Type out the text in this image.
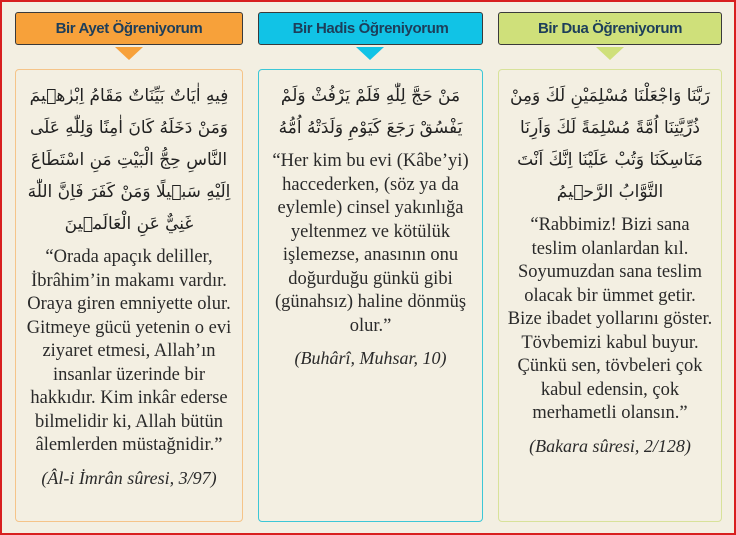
Bir Ayet Öğreniyorum
فِيهِ اٰيَاتٌ بَيِّنَاتٌ مَقَامُ اِبْرٰهٖيمَ وَمَنْ دَخَلَهُ كَانَ اٰمِنًا وَلِلّٰهِ عَلَى النَّاسِ حِجُّ الْبَيْتِ مَنِ اسْتَطَاعَ اِلَيْهِ سَبٖيلًا وَمَنْ كَفَرَ فَاِنَّ اللّٰهَ غَنِيٌّ عَنِ الْعَالَمٖينَ
“Orada apaçık deliller, İbrâhim’in makamı vardır. Oraya giren emniyette olur. Gitmeye gücü yetenin o evi ziyaret etmesi, Allah’ın insanlar üzerinde bir hakkıdır. Kim inkâr ederse bilmelidir ki, Allah bütün âlemlerden müstağnidir.”
(Âl-i İmrân sûresi, 3/97)
Bir Hadis Öğreniyorum
مَنْ حَجَّ لِلّٰهِ فَلَمْ يَرْفُثْ وَلَمْ يَفْسُقْ رَجَعَ كَيَوْمِ وَلَدَتْهُ اُمُّهُ
“Her kim bu evi (Kâbe’yi) haccederken, (söz ya da eylemle) cinsel yakınlığa yeltenmez ve kötülük işlemezse, anasının onu doğurduğu günkü gibi (günahsız) haline dönmüş olur.”
(Buhârî, Muhsar, 10)
Bir Dua Öğreniyorum
رَبَّنَا وَاجْعَلْنَا مُسْلِمَيْنِ لَكَ وَمِنْ ذُرِّيَّتِنَا اُمَّةً مُسْلِمَةً لَكَ وَاَرِنَا مَنَاسِكَنَا وَتُبْ عَلَيْنَا اِنَّكَ اَنْتَ التَّوَّابُ الرَّحٖيمُ
“Rabbimiz! Bizi sana teslim olanlardan kıl. Soyumuzdan sana teslim olacak bir ümmet getir. Bize ibadet yollarını göster. Tövbemizi kabul buyur. Çünkü sen, tövbeleri çok kabul edensin, çok merhametli olansın.”
(Bakara sûresi, 2/128)
